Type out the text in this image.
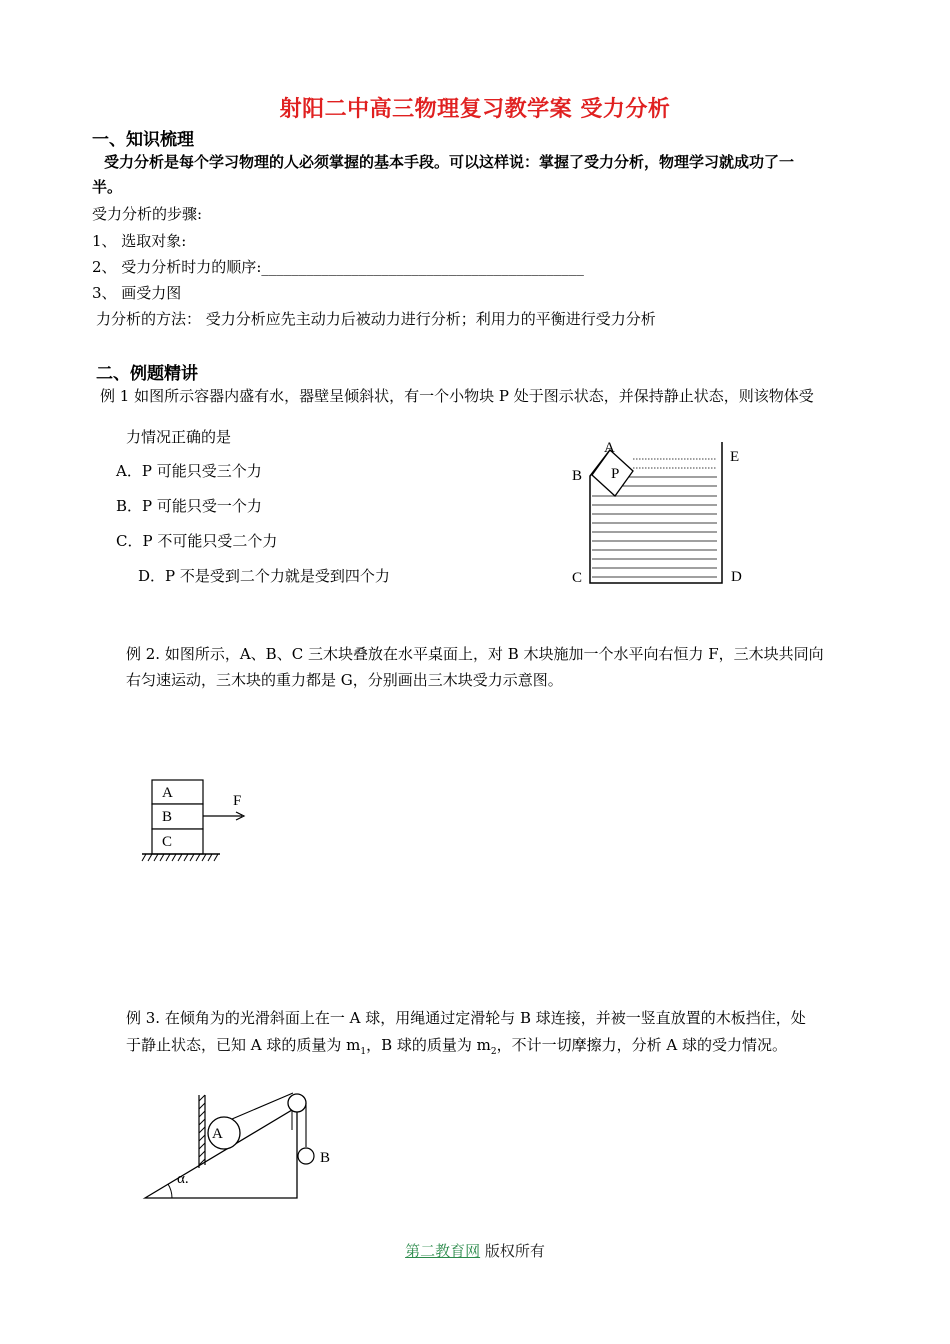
射阳二中高三物理复习教学案 受力分析
一、知识梳理
受力分析是每个学习物理的人必须掌握的基本手段。可以这样说：掌握了受力分析，物理学习就成功了一
半。
受力分析的步骤:
1、 选取对象:
2、 受力分析时力的顺序:___________________________________________
3、 画受力图
力分析的方法： 受力分析应先主动力后被动力进行分析；利用力的平衡进行受力分析
二、例题精讲
例 1 如图所示容器内盛有水，器壁呈倾斜状，有一个小物块 P 处于图示状态，并保持静止状态，则该物体受
力情况正确的是
A．P 可能只受三个力
B．P 可能只受一个力
C．P 不可能只受二个力
D．P 不是受到二个力就是受到四个力
A
B P
E
C	D
例 2. 如图所示，A、B、C 三木块叠放在水平桌面上，对 B 木块施加一个水平向右恒力 F，三木块共同向
右匀速运动，三木块的重力都是 G，分别画出三木块受力示意图。
A
B
C
F
例 3. 在倾角为的光滑斜面上在一 A 球，用绳通过定滑轮与 B 球连接，并被一竖直放置的木板挡住，处
于静止状态，已知 A 球的质量为 $m_1$，B 球的质量为 $m_2$，不计一切摩擦力，分析 A 球的受力情况。
A
B
α.
第二教育网 版权所有
